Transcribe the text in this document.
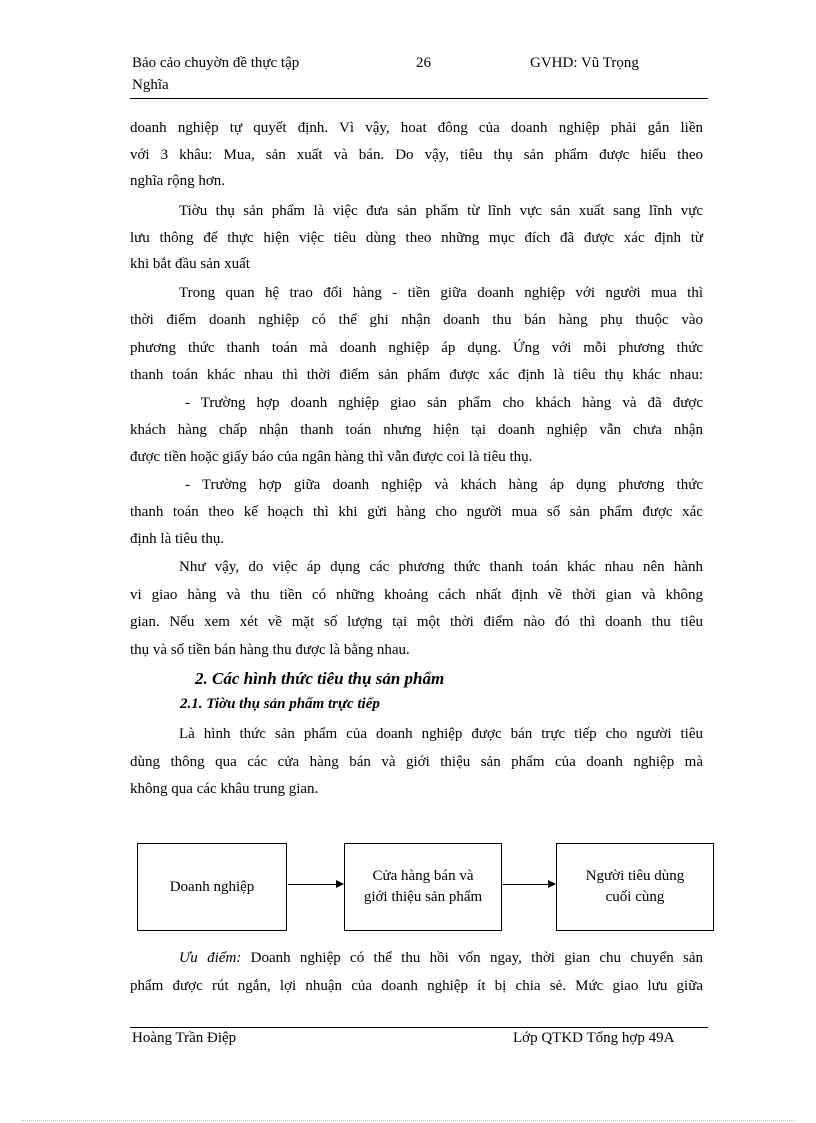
Bảo cảo chuyờn đề thực tập
Nghĩa
26	GVHD: Vũ Trọng
doanh nghiệp tự quyết định. Vì vậy, hoat đông của doanh nghiệp phải gắn liền
với 3 khâu: Mua, sản xuất và bán. Do vậy, tiêu thụ sản phẩm được hiểu theo
nghĩa rộng hơn.
Tiờu thụ sản phẩm là việc đưa sản phẩm từ lĩnh vực sản xuất sang lĩnh vực
lưu thông để thực hiện việc tiêu dùng theo những mục đích đã được xác định từ
khi bắt đầu sản xuất
Trong quan hệ trao đổi hàng - tiền giữa doanh nghiệp với người mua thì
thời điểm doanh nghiệp có thể ghi nhận doanh thu bán hàng phụ thuộc vào
phương thức thanh toán mà doanh nghiệp áp dụng. Ứng với mỗi phương thức
thanh toán khác nhau thì thời điểm sản phẩm được xác định là tiêu thụ khác nhau:
- Trường hợp doanh nghiệp giao sản phẩm cho khách hàng và đã được
khách hàng chấp nhận thanh toán nhưng hiện tại doanh nghiệp vẫn chưa nhận
được tiền hoặc giấy báo của ngân hàng thì vẫn được coi là tiêu thụ.
- Trường hợp giữa doanh nghiệp và khách hàng áp dụng phương thức
thanh toán theo kế hoạch thì khi gửi hàng cho người mua số sản phẩm được xác
định là tiêu thụ.
Như vậy, do việc áp dụng các phương thức thanh toán khác nhau nên hành
vi giao hàng và thu tiền có những khoảng cách nhất định về thời gian và không
gian. Nếu xem xét về mặt số lượng tại một thời điểm nào đó thì doanh thu tiêu
thụ và số tiền bán hàng thu được là bằng nhau.
2. Các hình thức tiêu thụ sản phẩm
2.1. Tiờu thụ sản phẩm trực tiếp
Là hình thức sản phẩm của doanh nghiệp được bán trực tiếp cho người tiêu
dùng thông qua các cửa hàng bán và giới thiệu sản phẩm của doanh nghiệp mà
không qua các khâu trung gian.
Doanh nghiệp
Cửa hàng bán và
giới thiệu sản phẩm
Người tiêu dùng
cuối cùng
Ưu điểm: Doanh nghiệp có thể thu hồi vốn ngay, thời gian chu chuyển sản
phẩm được rút ngắn, lợi nhuận của doanh nghiệp ít bị chia sẻ. Mức giao lưu giữa
Hoàng Trần Điệp	Lớp QTKD Tổng hợp 49A
